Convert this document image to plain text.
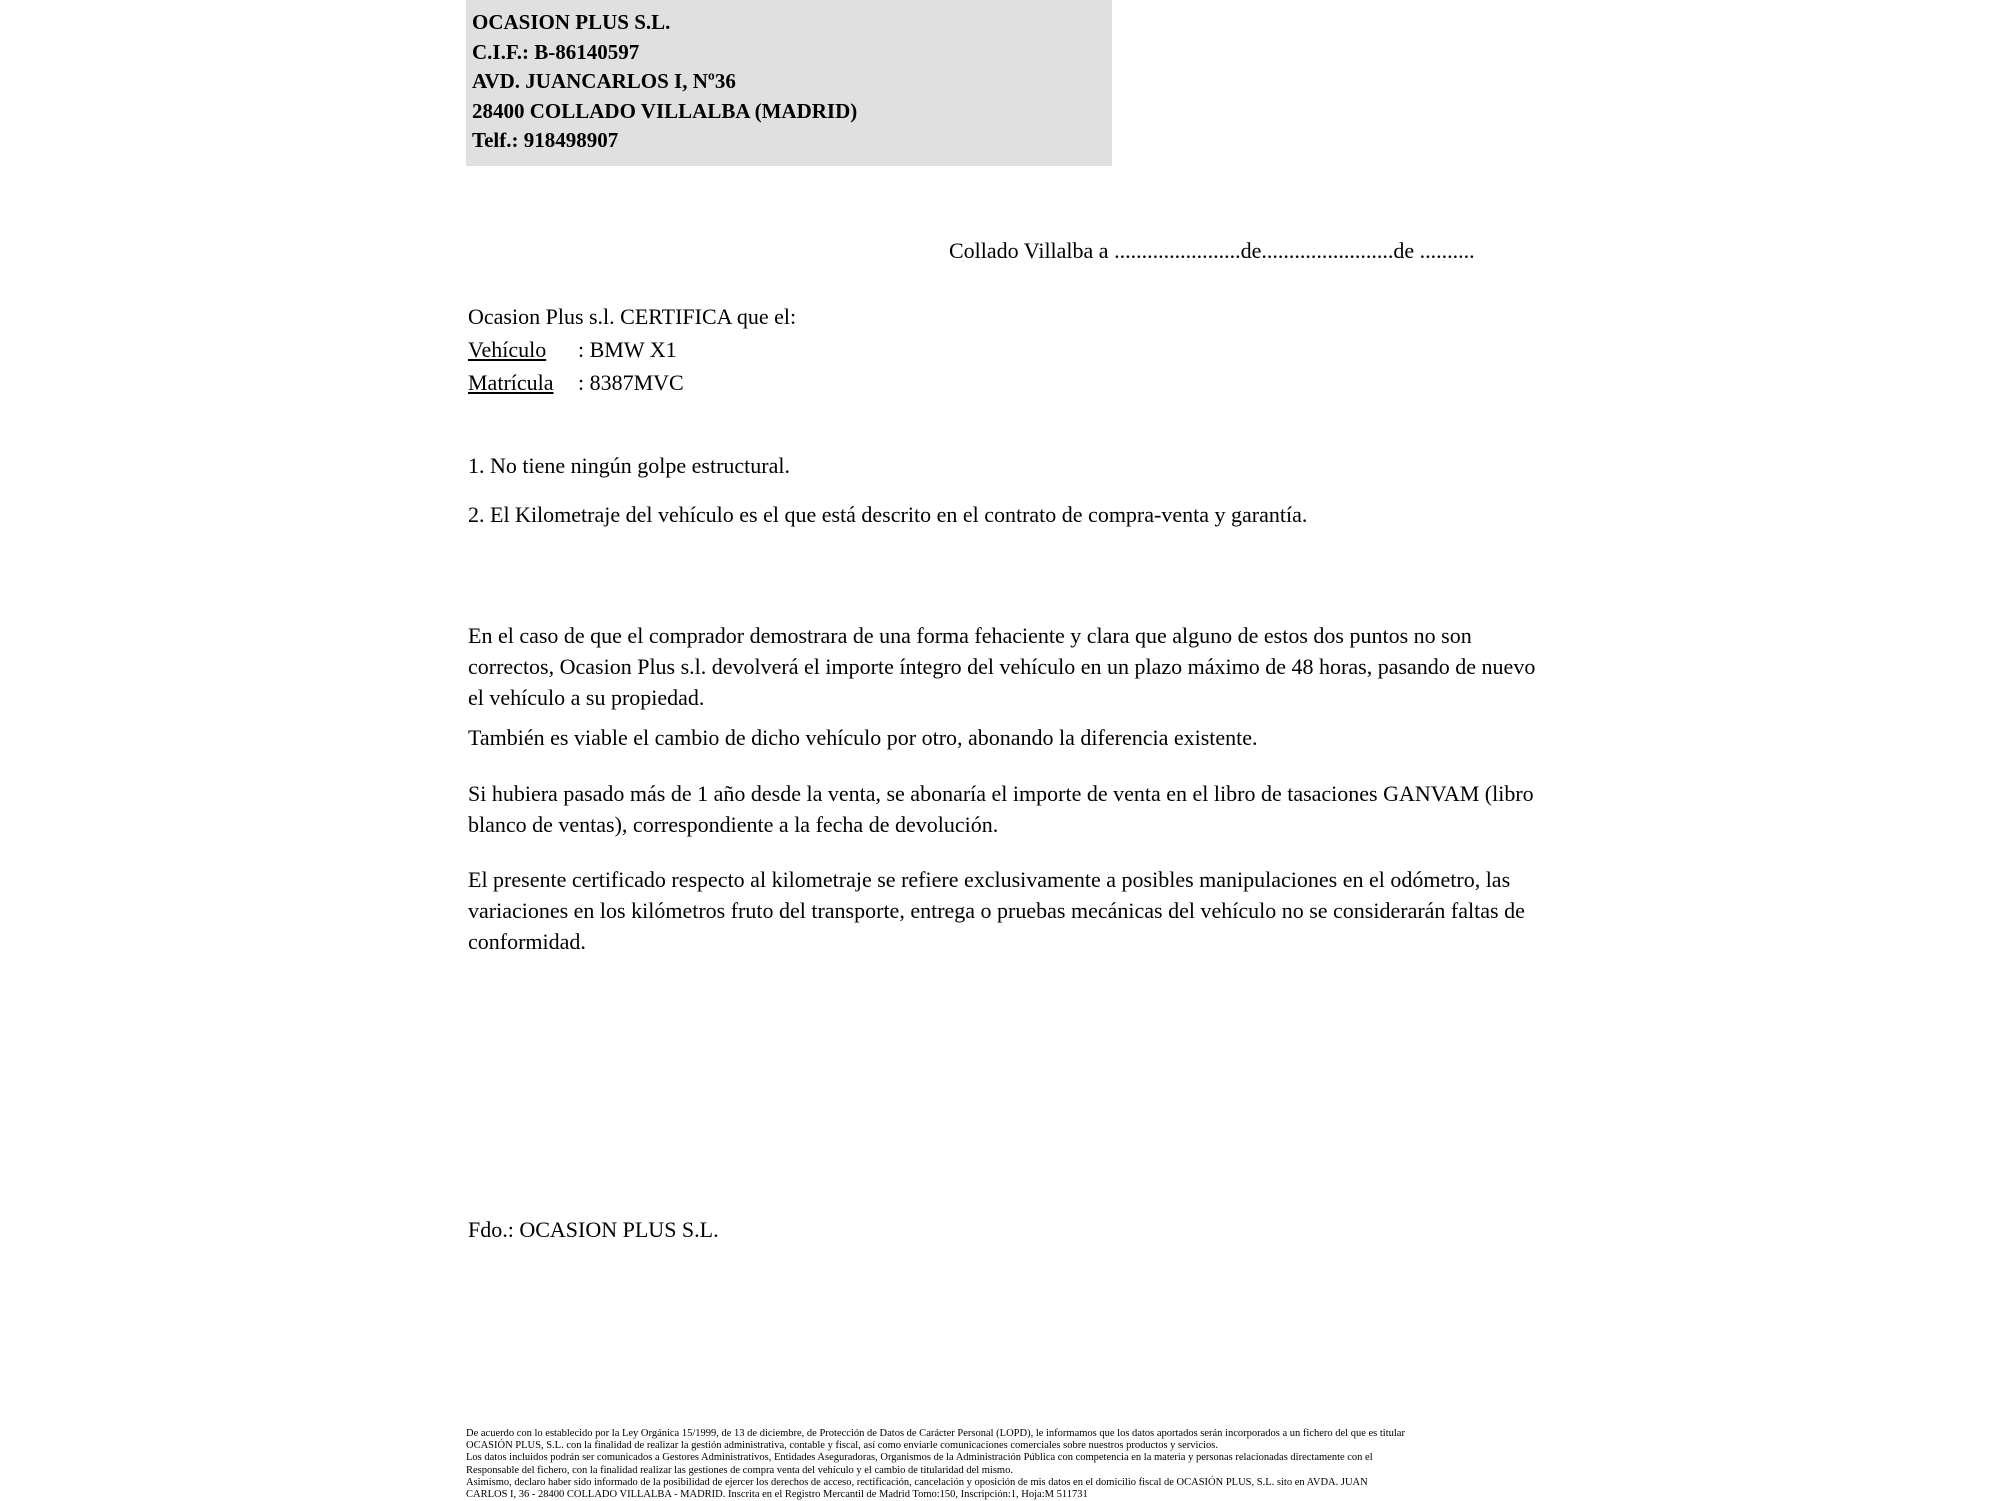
OCASION PLUS S.L.
C.I.F.: B-86140597
AVD. JUANCARLOS I, Nº36
28400 COLLADO VILLALBA (MADRID)
Telf.: 918498907
Collado Villalba a .......................de........................de ..........
Ocasion Plus s.l. CERTIFICA que el:
Vehículo : BMW X1
Matrícula : 8387MVC
1. No tiene ningún golpe estructural.
2. El Kilometraje del vehículo es el que está descrito en el contrato de compra-venta y garantía.
En el caso de que el comprador demostrara de una forma fehaciente y clara que alguno de estos dos puntos no son correctos, Ocasion Plus s.l. devolverá el importe íntegro del vehículo en un plazo máximo de 48 horas, pasando de nuevo el vehículo a su propiedad.
También es viable el cambio de dicho vehículo por otro, abonando la diferencia existente.
Si hubiera pasado más de 1 año desde la venta, se abonaría el importe de venta en el libro de tasaciones GANVAM (libro blanco de ventas), correspondiente a la fecha de devolución.
El presente certificado respecto al kilometraje se refiere exclusivamente a posibles manipulaciones en el odómetro, las variaciones en los kilómetros fruto del transporte, entrega o pruebas mecánicas del vehículo no se considerarán faltas de conformidad.
Fdo.: OCASION PLUS S.L.

De acuerdo con lo establecido por la Ley Orgánica 15/1999, de 13 de diciembre, de Protección de Datos de Carácter Personal (LOPD), le informamos que los datos aportados serán incorporados a un fichero del que es titular

OCASIÓN PLUS, S.L. con la finalidad de realizar la gestión administrativa, contable y fiscal, así como enviarle comunicaciones comerciales sobre nuestros productos y servicios.

Los datos incluidos podrán ser comunicados a Gestores Administrativos, Entidades Aseguradoras, Organismos de la Administración Pública con competencia en la materia y personas relacionadas directamente con el

Responsable del fichero, con la finalidad realizar las gestiones de compra venta del vehículo y el cambio de titularidad del mismo.

Asimismo, declaro haber sido informado de la posibilidad de ejercer los derechos de acceso, rectificación, cancelación y oposición de mis datos en el domicilio fiscal de OCASIÓN PLUS, S.L. sito en AVDA. JUAN

CARLOS I, 36 - 28400 COLLADO VILLALBA - MADRID. Inscrita en el Registro Mercantil de Madrid Tomo:150, Inscripción:1, Hoja:M 511731
